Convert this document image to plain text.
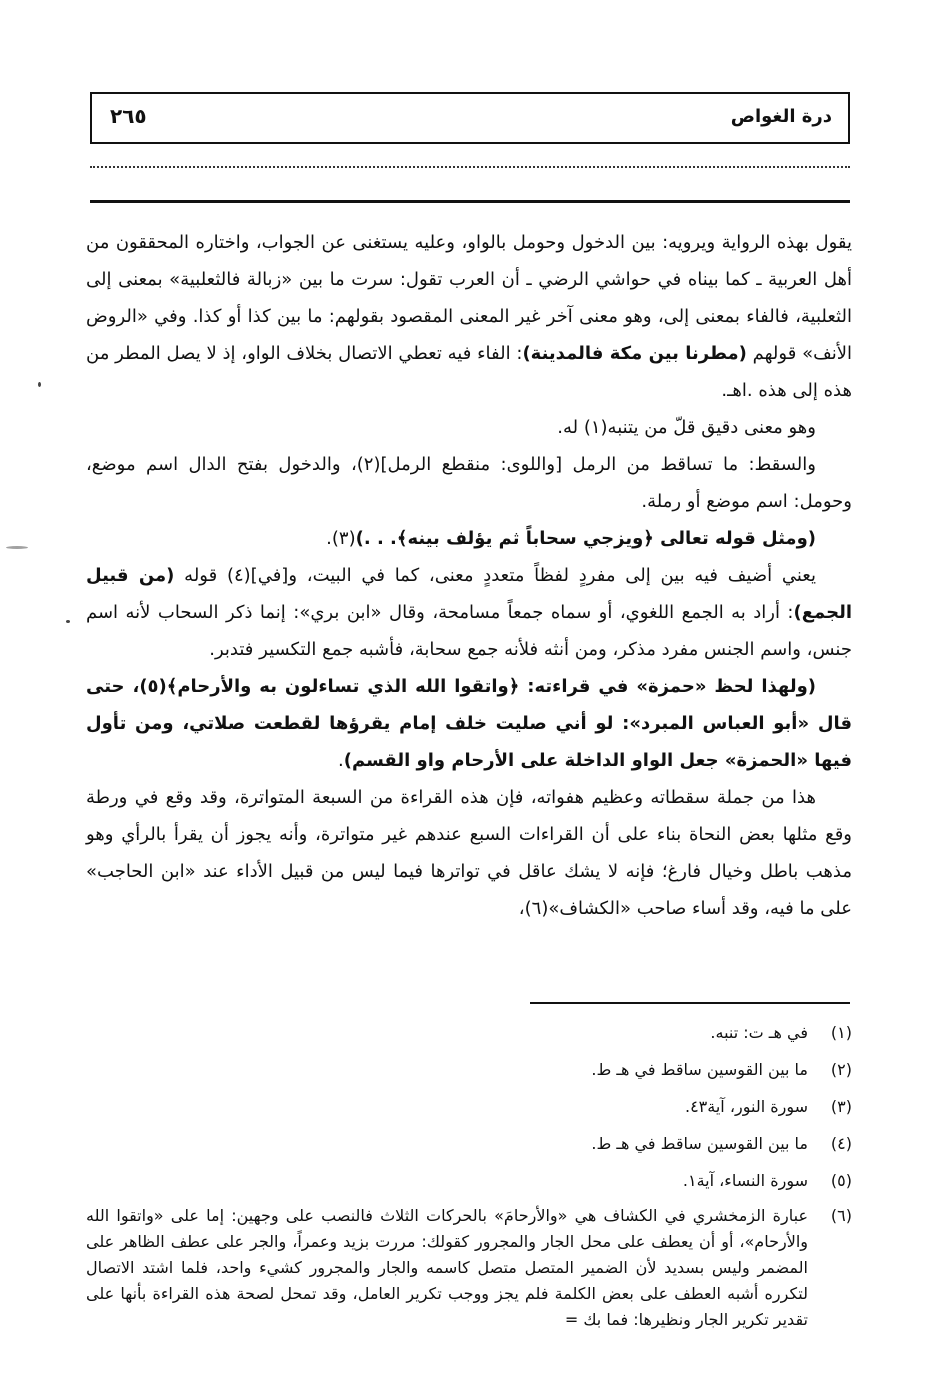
درة الغواص
٢٦٥

يقول بهذه الرواية ويرويه: بين الدخول وحومل بالواو، وعليه يستغنى عن الجواب، واختاره المحققون من أهل العربية ـ كما بيناه في حواشي الرضي ـ أن العرب تقول: سرت ما بين «زبالة فالثعلبية» بمعنى إلى الثعلبية، فالفاء بمعنى إلى، وهو معنى آخر غير المعنى المقصود بقولهم: ما بين كذا أو كذا. وفي «الروض الأنف» قولهم (مطرنا بين مكة فالمدينة): الفاء فيه تعطي الاتصال بخلاف الواو، إذ لا يصل المطر من هذه إلى هذه .اهـ.

وهو معنى دقيق قلّ من يتنبه(١) له.

والسقط: ما تساقط من الرمل [واللوى: منقطع الرمل](٢)، والدخول بفتح الدال اسم موضع، وحومل: اسم موضع أو رملة.

(ومثل قوله تعالى ﴿ويزجي سحاباً ثم يؤلف بينه﴾. . .)(٣).

يعني أضيف فيه بين إلى مفردٍ لفظاً متعددٍ معنى، كما في البيت، و[في](٤) قوله (من قبيل الجمع): أراد به الجمع اللغوي، أو سماه جمعاً مسامحة، وقال «ابن بري»: إنما ذكر السحاب لأنه اسم جنس، واسم الجنس مفرد مذكر، ومن أنثه فلأنه جمع سحابة، فأشبه جمع التكسير فتدبر.

(ولهذا لحظ «حمزة» في قراءته: ﴿واتقوا الله الذي تساءلون به والأرحام﴾(٥)، حتى قال «أبو العباس المبرد»: لو أني صليت خلف إمام يقرؤها لقطعت صلاتي، ومن تأول فيها «الحمزة» جعل الواو الداخلة على الأرحام واو القسم).

هذا من جملة سقطاته وعظيم هفواته، فإن هذه القراءة من السبعة المتواترة، وقد وقع في ورطة وقع مثلها بعض النحاة بناء على أن القراءات السبع عندهم غير متواترة، وأنه يجوز أن يقرأ بالرأي وهو مذهب باطل وخيال فارغ؛ فإنه لا يشك عاقل في تواترها فيما ليس من قبيل الأداء عند «ابن الحاجب» على ما فيه، وقد أساء صاحب «الكشاف»(٦)،

(١)
في هـ ت: تنبه.
(٢)
ما بين القوسين ساقط في هـ ط.
(٣)
سورة النور، آية٤٣.
(٤)
ما بين القوسين ساقط في هـ ط.
(٥)
سورة النساء، آية١.
(٦)
عبارة الزمخشري في الكشاف هي «والأرحامَ» بالحركات الثلاث فالنصب على وجهين: إما على «واتقوا الله والأرحام»، أو أن يعطف على محل الجار والمجرور كقولك: مررت بزيد وعمراً، والجر على عطف الظاهر على المضمر وليس بسديد لأن الضمير المتصل متصل كاسمه والجار والمجرور كشيء واحد، فلما اشتد الاتصال لتكرره أشبه العطف على بعض الكلمة فلم يجز ووجب تكرير العامل، وقد تمحل لصحة هذه القراءة بأنها على تقدير تكرير الجار ونظيرها: فما بك =
